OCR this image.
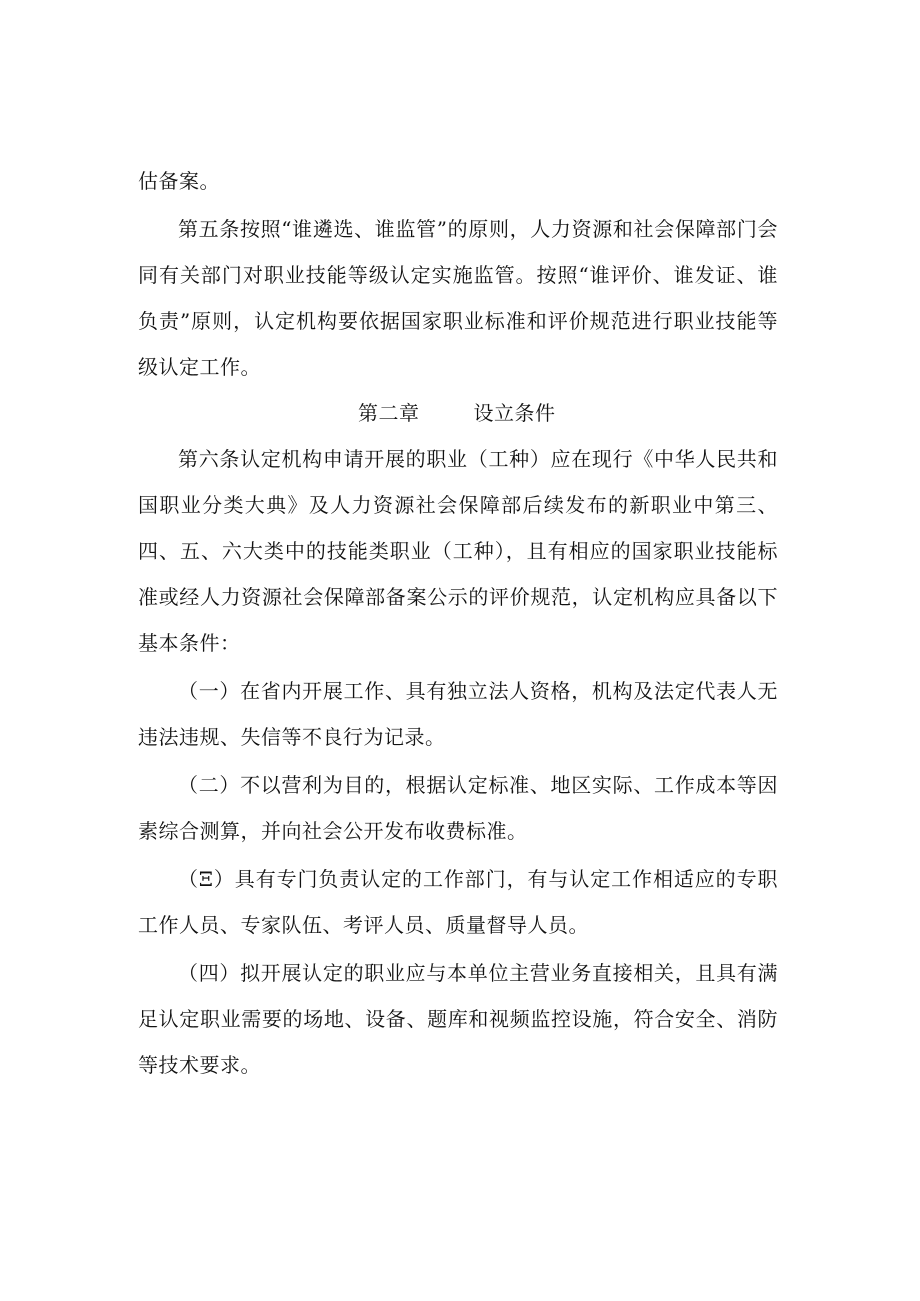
估备案。

第五条按照“谁遴选、谁监管”的原则，人力资源和社会保障部门会同有关部门对职业技能等级认定实施监管。按照“谁评价、谁发证、谁负责”原则，认定机构要依据国家职业标准和评价规范进行职业技能等级认定工作。

第二章	设立条件

第六条认定机构申请开展的职业（工种）应在现行《中华人民共和国职业分类大典》及人力资源社会保障部后续发布的新职业中第三、四、五、六大类中的技能类职业（工种），且有相应的国家职业技能标准或经人力资源社会保障部备案公示的评价规范，认定机构应具备以下基本条件：

（一）在省内开展工作、具有独立法人资格，机构及法定代表人无违法违规、失信等不良行为记录。

（二）不以营利为目的，根据认定标准、地区实际、工作成本等因素综合测算，并向社会公开发布收费标准。

（Ξ）具有专门负责认定的工作部门，有与认定工作相适应的专职工作人员、专家队伍、考评人员、质量督导人员。

（四）拟开展认定的职业应与本单位主营业务直接相关，且具有满足认定职业需要的场地、设备、题库和视频监控设施，符合安全、消防等技术要求。
